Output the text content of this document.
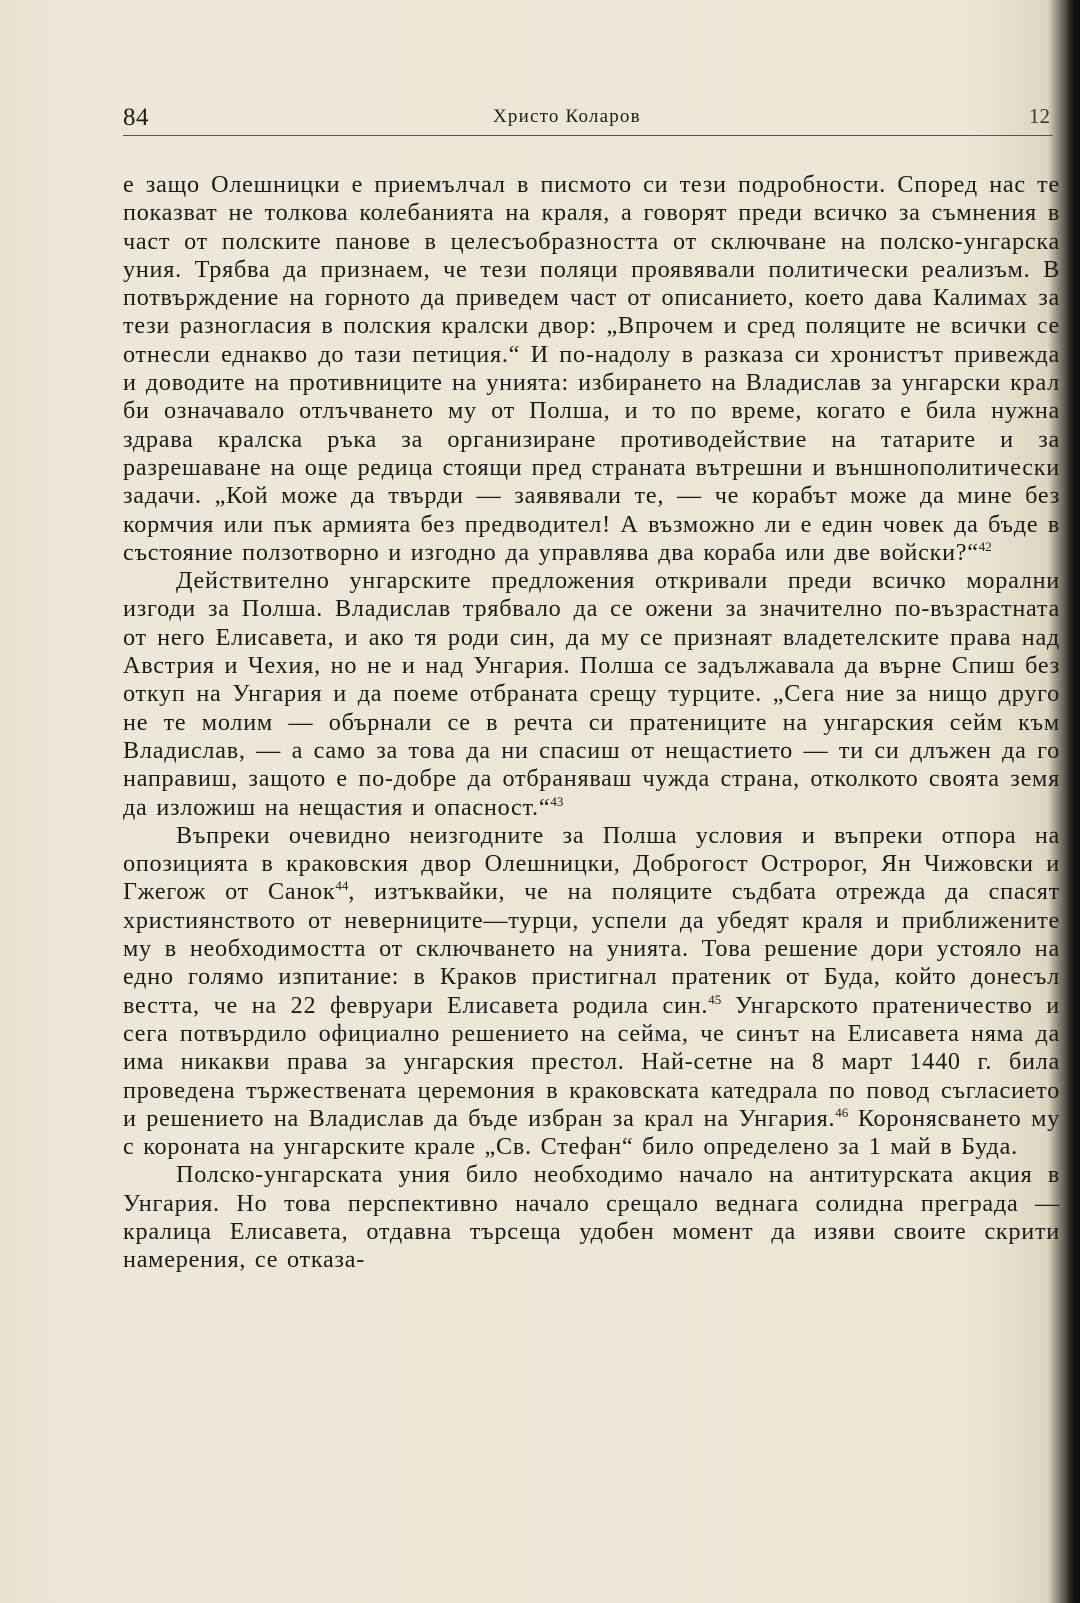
84	Христо Коларов	12

е защо Олешницки е приемълчал в писмото си тези подробности. Според нас те показват не толкова колебанията на краля, а говорят преди всичко за съмнения в част от полските панове в целесъобразността от сключване на полско-унгарска уния. Трябва да признаем, че тези поляци проявявали политически реализъм. В потвърждение на горното да приведем част от описанието, което дава Калимах за тези разногласия в полския кралски двор: „Впрочем и сред поляците не всички се отнесли еднакво до тази петиция.“ И по-надолу в разказа си хронистът привежда и доводите на противниците на унията: избирането на Владислав за унгарски крал би означавало отлъчването му от Полша, и то по време, когато е била нужна здрава кралска ръка за организиране противодействие на татарите и за разрешаване на още редица стоящи пред страната вътрешни и външнополитически задачи. „Кой може да твърди — заявявали те, — че корабът може да мине без кормчия или пък армията без предводител! А възможно ли е един човек да бъде в състояние ползотворно и изгодно да управлява два кораба или две войски?“$^{42}$

Действително унгарските предложения откривали преди всичко морални изгоди за Полша. Владислав трябвало да се ожени за значително по-възрастната от него Елисавета, и ако тя роди син, да му се признаят владетелските права над Австрия и Чехия, но не и над Унгария. Полша се задължавала да върне Спиш без откуп на Унгария и да поеме отбраната срещу турците. „Сега ние за нищо друго не те молим — обърнали се в речта си пратениците на унгарския сейм към Владислав, — а само за това да ни спасиш от нещастието — ти си длъжен да го направиш, защото е по-добре да отбраняваш чужда страна, отколкото своята земя да изложиш на нещастия и опасност.“$^{43}$

Въпреки очевидно неизгодните за Полша условия и въпреки отпора на опозицията в краковския двор Олешницки, Доброгост Остророг, Ян Чижовски и Гжегож от Санок$^{44}$, изтъквайки, че на поляците съдбата отрежда да спасят християнството от неверниците—турци, успели да убедят краля и приближените му в необходимостта от сключването на унията. Това решение дори устояло на едно голямо изпитание: в Краков пристигнал пратеник от Буда, който донесъл вестта, че на 22 февруари Елисавета родила син.$^{45}$ Унгарското пратеничество и сега потвърдило официално решението на сейма, че синът на Елисавета няма да има никакви права за унгарския престол. Най-сетне на 8 март 1440 г. била проведена тържествената церемония в краковската катедрала по повод съгласието и решението на Владислав да бъде избран за крал на Унгария.$^{46}$ Коронясването му с короната на унгарските крале „Св. Стефан“ било определено за 1 май в Буда.

Полско-унгарската уния било необходимо начало на антитурската акция в Унгария. Но това перспективно начало срещало веднага солидна преграда — кралица Елисавета, отдавна търсеща удобен момент да изяви своите скрити намерения, се отказа-
